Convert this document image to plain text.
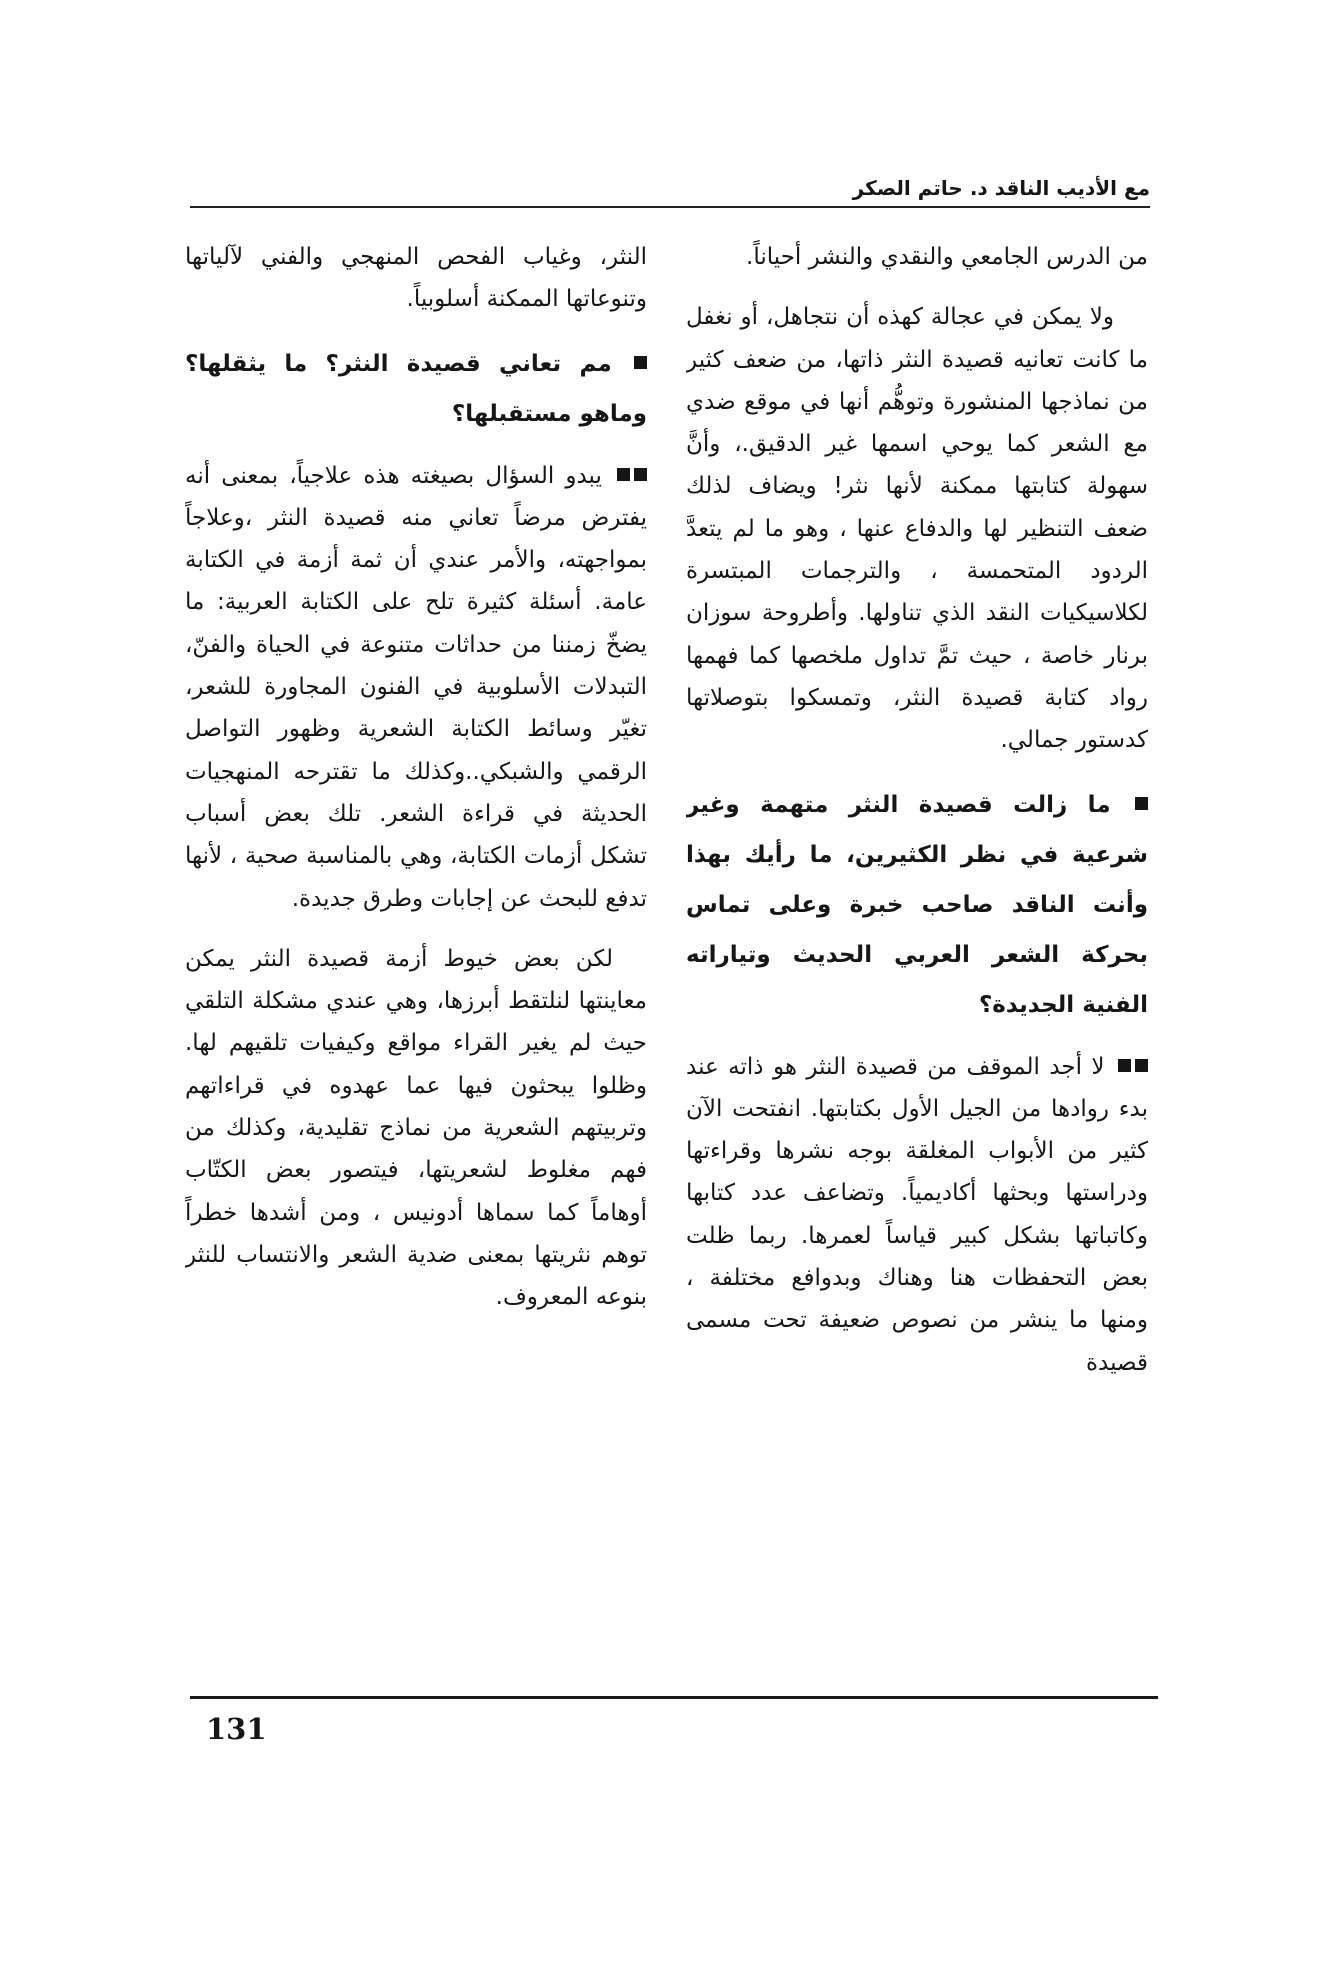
مع الأديب الناقد د. حاتم الصكر

من الدرس الجامعي والنقدي والنشر أحياناً.

ولا يمكن في عجالة كهذه أن نتجاهل، أو نغفل ما كانت تعانيه قصيدة النثر ذاتها، من ضعف كثير من نماذجها المنشورة وتوهُّم أنها في موقع ضدي مع الشعر كما يوحي اسمها غير الدقيق.، وأنَّ سهولة كتابتها ممكنة لأنها نثر! ويضاف لذلك ضعف التنظير لها والدفاع عنها ، وهو ما لم يتعدَّ الردود المتحمسة ، والترجمات المبتسرة لكلاسيكيات النقد الذي تناولها. وأطروحة سوزان برنار خاصة ، حيث تمَّ تداول ملخصها كما فهمها رواد كتابة قصيدة النثر، وتمسكوا بتوصلاتها كدستور جمالي.

ما زالت قصيدة النثر متهمة وغير شرعية في نظر الكثيرين، ما رأيك بهذا وأنت الناقد صاحب خبرة وعلى تماس بحركة الشعر العربي الحديث وتياراته الفنية الجديدة؟

لا أجد الموقف من قصيدة النثر هو ذاته عند بدء روادها من الجيل الأول بكتابتها. انفتحت الآن كثير من الأبواب المغلقة بوجه نشرها وقراءتها ودراستها وبحثها أكاديمياً. وتضاعف عدد كتابها وكاتباتها بشكل كبير قياساً لعمرها. ربما ظلت بعض التحفظات هنا وهناك وبدوافع مختلفة ، ومنها ما ينشر من نصوص ضعيفة تحت مسمى قصيدة

النثر، وغياب الفحص المنهجي والفني لآلياتها وتنوعاتها الممكنة أسلوبياً.

مم تعاني قصيدة النثر؟ ما يثقلها؟ وماهو مستقبلها؟

يبدو السؤال بصيغته هذه علاجياً، بمعنى أنه يفترض مرضاً تعاني منه قصيدة النثر ،وعلاجاً بمواجهته، والأمر عندي أن ثمة أزمة في الكتابة عامة. أسئلة كثيرة تلح على الكتابة العربية: ما يضخّ زمننا من حداثات متنوعة في الحياة والفنّ، التبدلات الأسلوبية في الفنون المجاورة للشعر، تغيّر وسائط الكتابة الشعرية وظهور التواصل الرقمي والشبكي..وكذلك ما تقترحه المنهجيات الحديثة في قراءة الشعر. تلك بعض أسباب تشكل أزمات الكتابة، وهي بالمناسبة صحية ، لأنها تدفع للبحث عن إجابات وطرق جديدة.

لكن بعض خيوط أزمة قصيدة النثر يمكن معاينتها لنلتقط أبرزها، وهي عندي مشكلة التلقي حيث لم يغير القراء مواقع وكيفيات تلقيهم لها. وظلوا يبحثون فيها عما عهدوه في قراءاتهم وتربيتهم الشعرية من نماذج تقليدية، وكذلك من فهم مغلوط لشعريتها، فيتصور بعض الكتّاب أوهاماً كما سماها أدونيس ، ومن أشدها خطراً توهم نثريتها بمعنى ضدية الشعر والانتساب للنثر بنوعه المعروف.

131
